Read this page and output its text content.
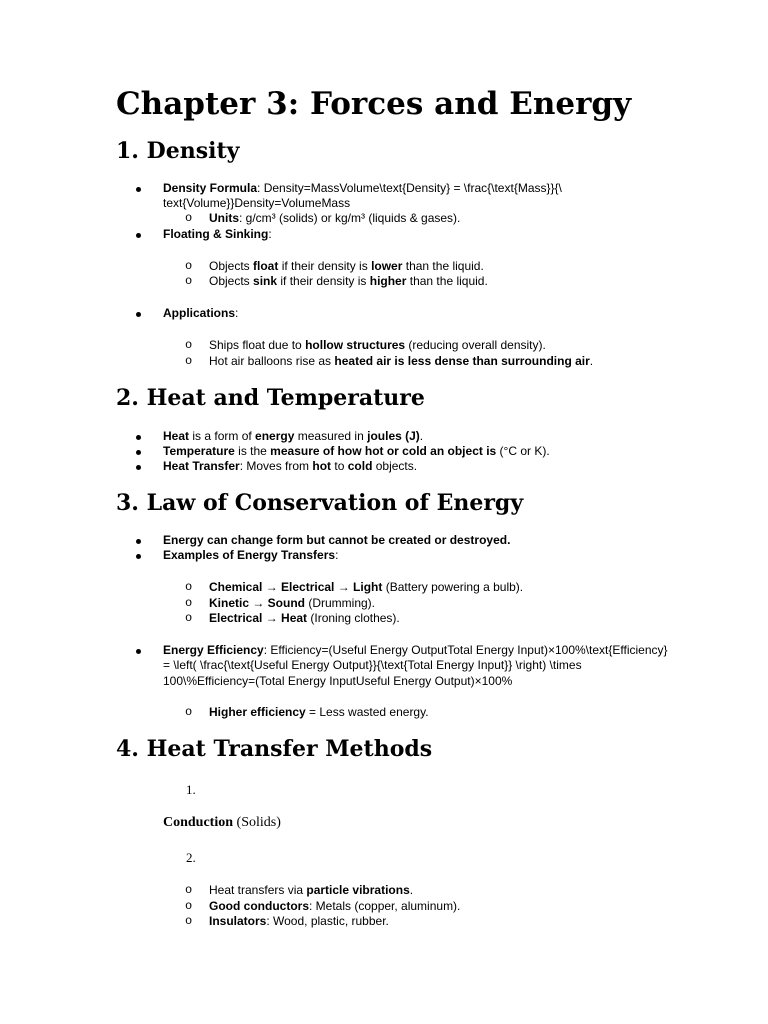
Chapter 3: Forces and Energy
1. Density
Density Formula: Density=MassVolume\text{Density} = \frac{\text{Mass}}{\
text{Volume}}Density=VolumeMass
o Units: g/cm³ (solids) or kg/m³ (liquids & gases).
Floating & Sinking:
o Objects float if their density is lower than the liquid.
o Objects sink if their density is higher than the liquid.
Applications:
o Ships float due to hollow structures (reducing overall density).
o Hot air balloons rise as heated air is less dense than surrounding air.
2. Heat and Temperature
Heat is a form of energy measured in joules (J).
Temperature is the measure of how hot or cold an object is (°C or K).
Heat Transfer: Moves from hot to cold objects.
3. Law of Conservation of Energy
Energy can change form but cannot be created or destroyed.
Examples of Energy Transfers:
o Chemical → Electrical → Light (Battery powering a bulb).
o Kinetic → Sound (Drumming).
o Electrical → Heat (Ironing clothes).
Energy Efficiency: Efficiency=(Useful Energy OutputTotal Energy Input)×100%\text{Efficiency}
= \left( \frac{\text{Useful Energy Output}}{\text{Total Energy Input}} \right) \times
100\%Efficiency=(Total Energy InputUseful Energy Output)×100%
o Higher efficiency = Less wasted energy.
4. Heat Transfer Methods
1.
Conduction (Solids)
2.
o Heat transfers via particle vibrations.
o Good conductors: Metals (copper, aluminum).
o Insulators: Wood, plastic, rubber.
